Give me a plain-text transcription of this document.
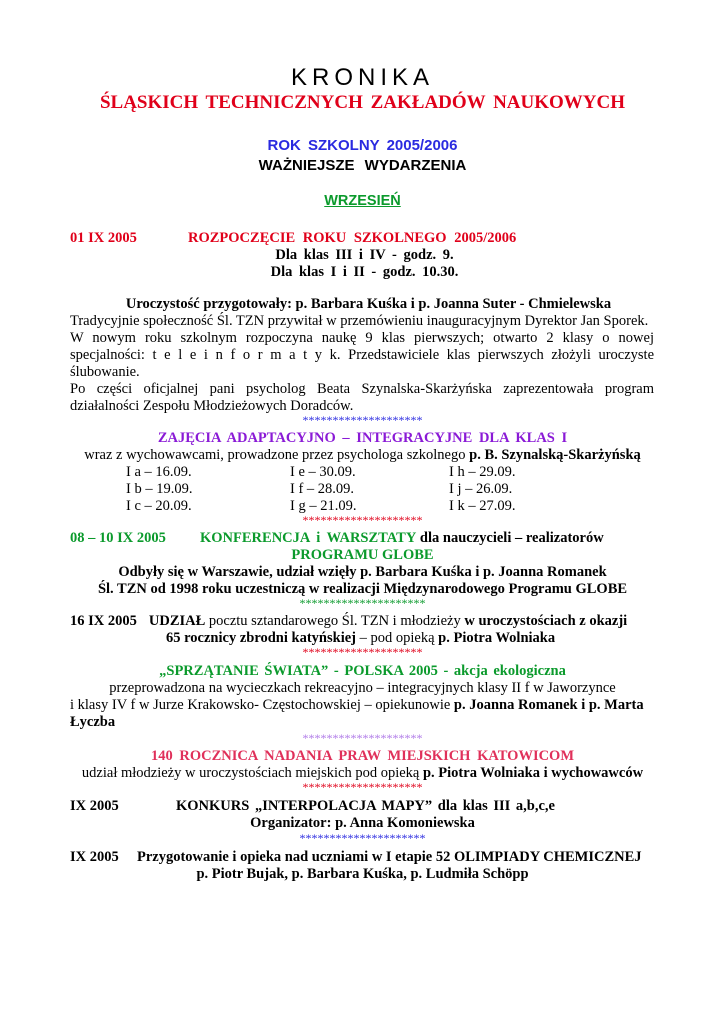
KRONIKA
ŚLĄSKICH TECHNICZNYCH ZAKŁADÓW NAUKOWYCH
ROK SZKOLNY 2005/2006
WAŻNIEJSZE WYDARZENIA
WRZESIEŃ
01 IX 2005	ROZPOCZĘCIE ROKU SZKOLNEGO 2005/2006
Dla klas III i IV - godz. 9.
Dla klas I i II - godz. 10.30.
Uroczystość przygotowały: p. Barbara Kuśka i p. Joanna Suter - Chmielewska
Tradycyjnie społeczność Śl. TZN przywitał w przemówieniu inauguracyjnym Dyrektor Jan Sporek.
W nowym roku szkolnym rozpoczyna naukę 9 klas pierwszych; otwarto 2 klasy o nowej
specjalności: t e l e i n f o r m a t y k. Przedstawiciele klas pierwszych złożyli uroczyste
ślubowanie.
Po części oficjalnej pani psycholog Beata Szynalska-Skarżyńska zaprezentowała program
działalności Zespołu Młodzieżowych Doradców.
********************
ZAJĘCIA ADAPTACYJNO – INTEGRACYJNE DLA KLAS I
wraz z wychowawcami, prowadzone przez psychologa szkolnego p. B. Szynalską-Skarżyńską
I a – 16.09.	I e – 30.09.	I h – 29.09.
I b – 19.09.	I f – 28.09.	I j – 26.09.
I c – 20.09.	I g – 21.09.	I k – 27.09.
********************
08 – 10 IX 2005 KONFERENCJA i WARSZTATY dla nauczycieli – realizatorów
PROGRAMU GLOBE
Odbyły się w Warszawie, udział wzięły p. Barbara Kuśka i p. Joanna Romanek
Śl. TZN od 1998 roku uczestniczą w realizacji Międzynarodowego Programu GLOBE
*********************
16 IX 2005 UDZIAŁ pocztu sztandarowego Śl. TZN i młodzieży w uroczystościach z okazji
65 rocznicy zbrodni katyńskiej – pod opieką p. Piotra Wolniaka
********************
„SPRZĄTANIE ŚWIATA” - POLSKA 2005 - akcja ekologiczna
przeprowadzona na wycieczkach rekreacyjno – integracyjnych klasy II f w Jaworzynce
i klasy IV f w Jurze Krakowsko- Częstochowskiej – opiekunowie p. Joanna Romanek i p. Marta
Łyczba
********************
140 ROCZNICA NADANIA PRAW MIEJSKICH KATOWICOM
udział młodzieży w uroczystościach miejskich pod opieką p. Piotra Wolniaka i wychowawców
********************
IX 2005	KONKURS „INTERPOLACJA MAPY” dla klas III a,b,c,e
Organizator: p. Anna Komoniewska
*********************
IX 2005 Przygotowanie i opieka nad uczniami w I etapie 52 OLIMPIADY CHEMICZNEJ
p. Piotr Bujak, p. Barbara Kuśka, p. Ludmiła Schöpp
